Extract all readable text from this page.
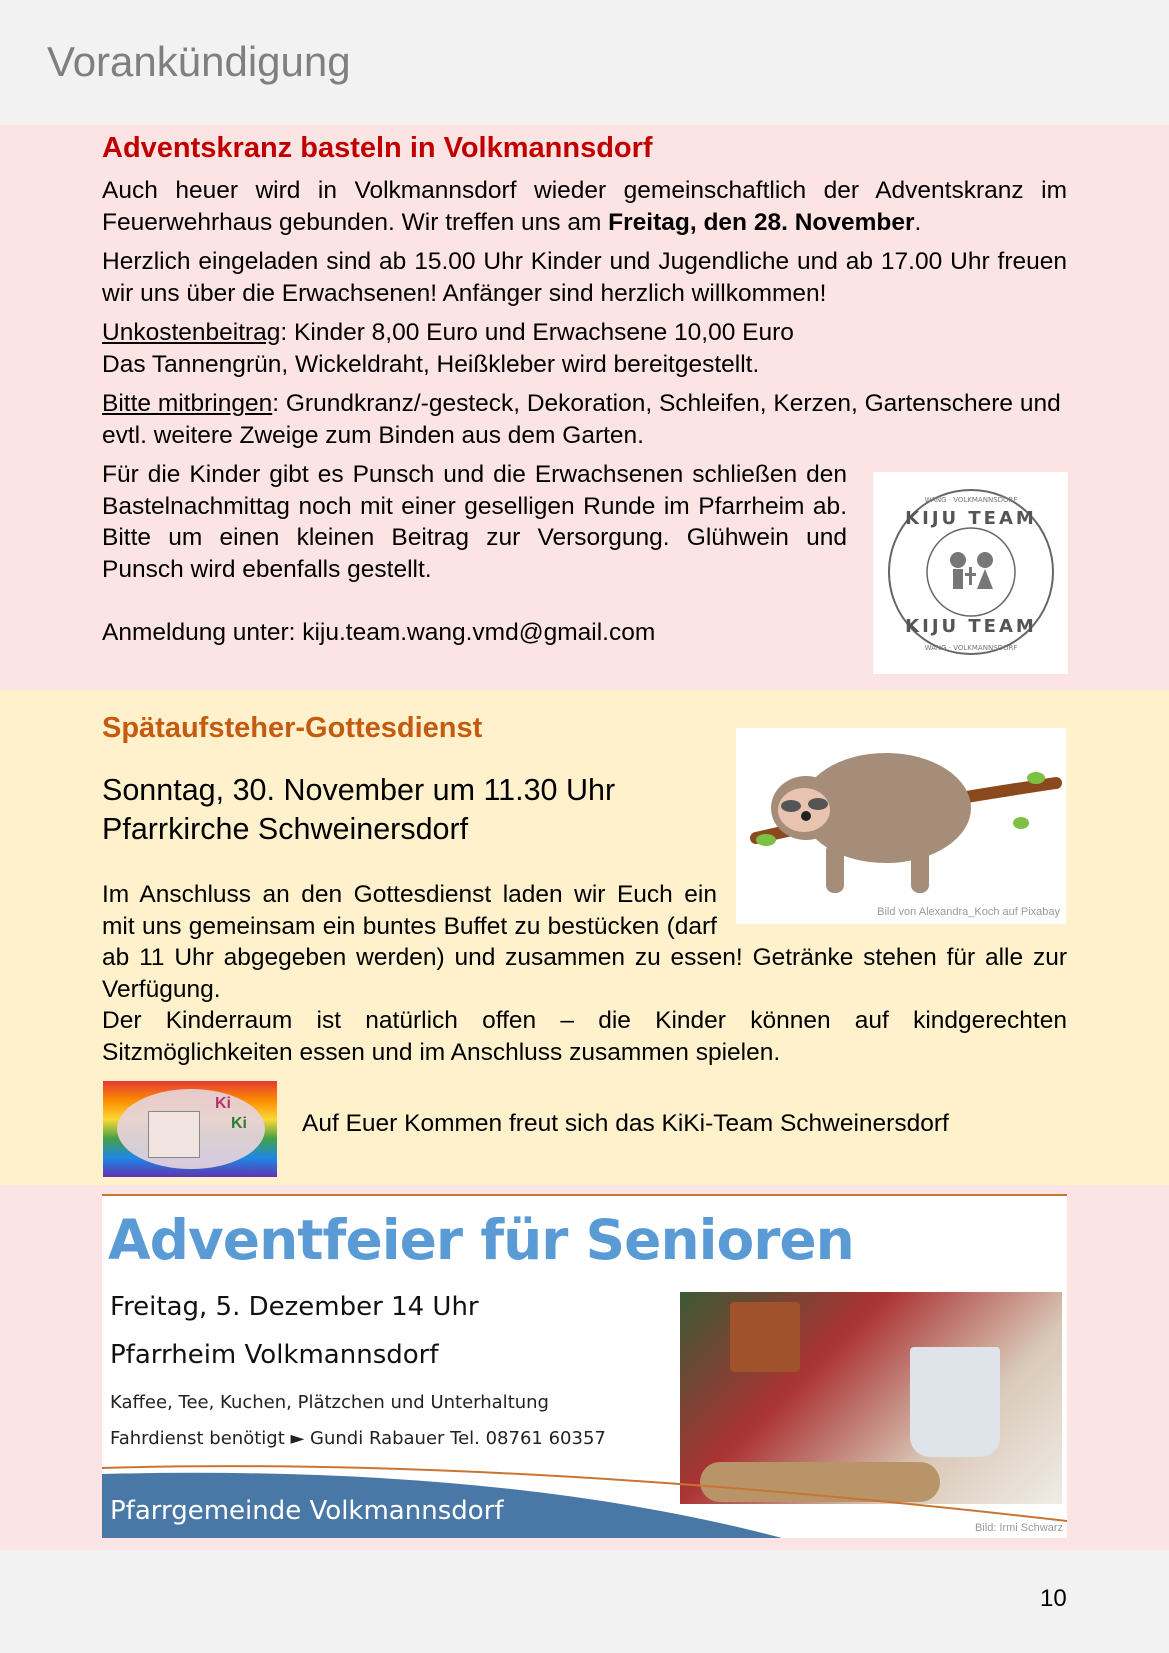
Vorankündigung
Adventskranz basteln in Volkmannsdorf

Auch heuer wird in Volkmannsdorf wieder gemeinschaftlich der Adventskranz im Feuerwehrhaus gebunden. Wir treffen uns am Freitag, den 28. November.

Herzlich eingeladen sind ab 15.00 Uhr Kinder und Jugendliche und ab 17.00 Uhr freuen wir uns über die Erwachsenen! Anfänger sind herzlich willkommen!

Unkostenbeitrag: Kinder 8,00 Euro und Erwachsene 10,00 Euro
Das Tannengrün, Wickeldraht, Heißkleber wird bereitgestellt.

Bitte mitbringen: Grundkranz/-gesteck, Dekoration, Schleifen, Kerzen, Gartenschere und evtl. weitere Zweige zum Binden aus dem Garten.

Für die Kinder gibt es Punsch und die Erwachsenen schließen den Bastelnachmittag noch mit einer geselligen Runde im Pfarrheim ab. Bitte um einen kleinen Beitrag zur Versorgung. Glühwein und Punsch wird ebenfalls gestellt.

Anmeldung unter: kiju.team.wang.vmd@gmail.com

KIJU TEAM
KIJU TEAM
WANG · VOLKMANNSDORF
WANG · VOLKMANNSDORF
Spätaufsteher-Gottesdienst
Sonntag, 30. November um 11.30 Uhr
Pfarrkirche Schweinersdorf

Im Anschluss an den Gottesdienst laden wir Euch ein mit uns gemeinsam ein buntes Buffet zu bestücken (darf ab 11 Uhr abgegeben werden) und zusammen zu essen! Getränke stehen für alle zur Verfügung.

Der Kinderraum ist natürlich offen – die Kinder können auf kindgerechten Sitzmöglichkeiten essen und im Anschluss zusammen spielen.

Bild von Alexandra_Koch auf Pixabay
Ki
Ki Auf Euer Kommen freut sich das KiKi-Team Schweinersdorf
Adventfeier für Senioren
Freitag, 5. Dezember 14 Uhr
Pfarrheim Volkmannsdorf
Kaffee, Tee, Kuchen, Plätzchen und Unterhaltung
Fahrdienst benötigt ► Gundi Rabauer Tel. 08761 60357
Pfarrgemeinde Volkmannsdorf
Bild: Irmi Schwarz
10
